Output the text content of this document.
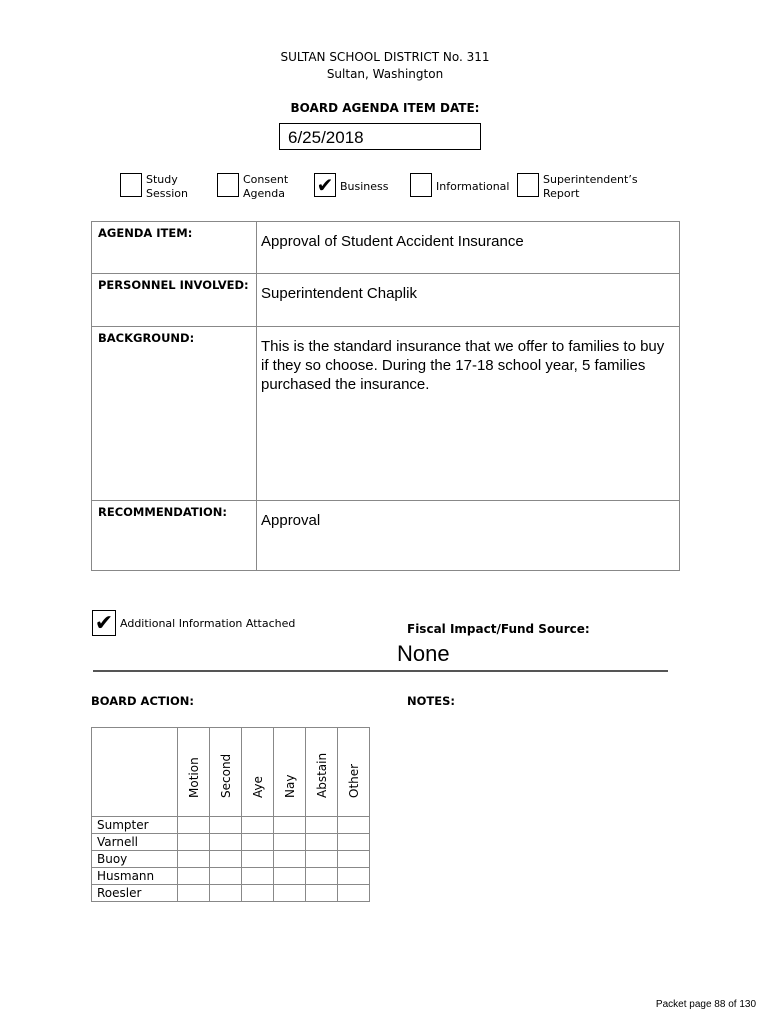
SULTAN SCHOOL DISTRICT No. 311
Sultan, Washington
BOARD AGENDA ITEM DATE:
6/25/2018
Study
Session
Consent
Agenda ✔ Business	Informational
Superintendent’s
Report
AGENDA ITEM:	Approval of Student Accident Insurance
PERSONNEL INVOLVED:	Superintendent Chaplik
BACKGROUND:	This is the standard insurance that we offer to families to buy if they so choose. During the 17-18 school year, 5 families purchased the insurance.
RECOMMENDATION:	Approval
✔ Additional Information Attached	Fiscal Impact/Fund Source:
None
BOARD ACTION:	NOTES:

	Motion	Second	Aye	Nay	Abstain	Other

Sumpter						
Varnell						
Buoy						
Husmann						
Roesler						
Packet page 88 of 130
